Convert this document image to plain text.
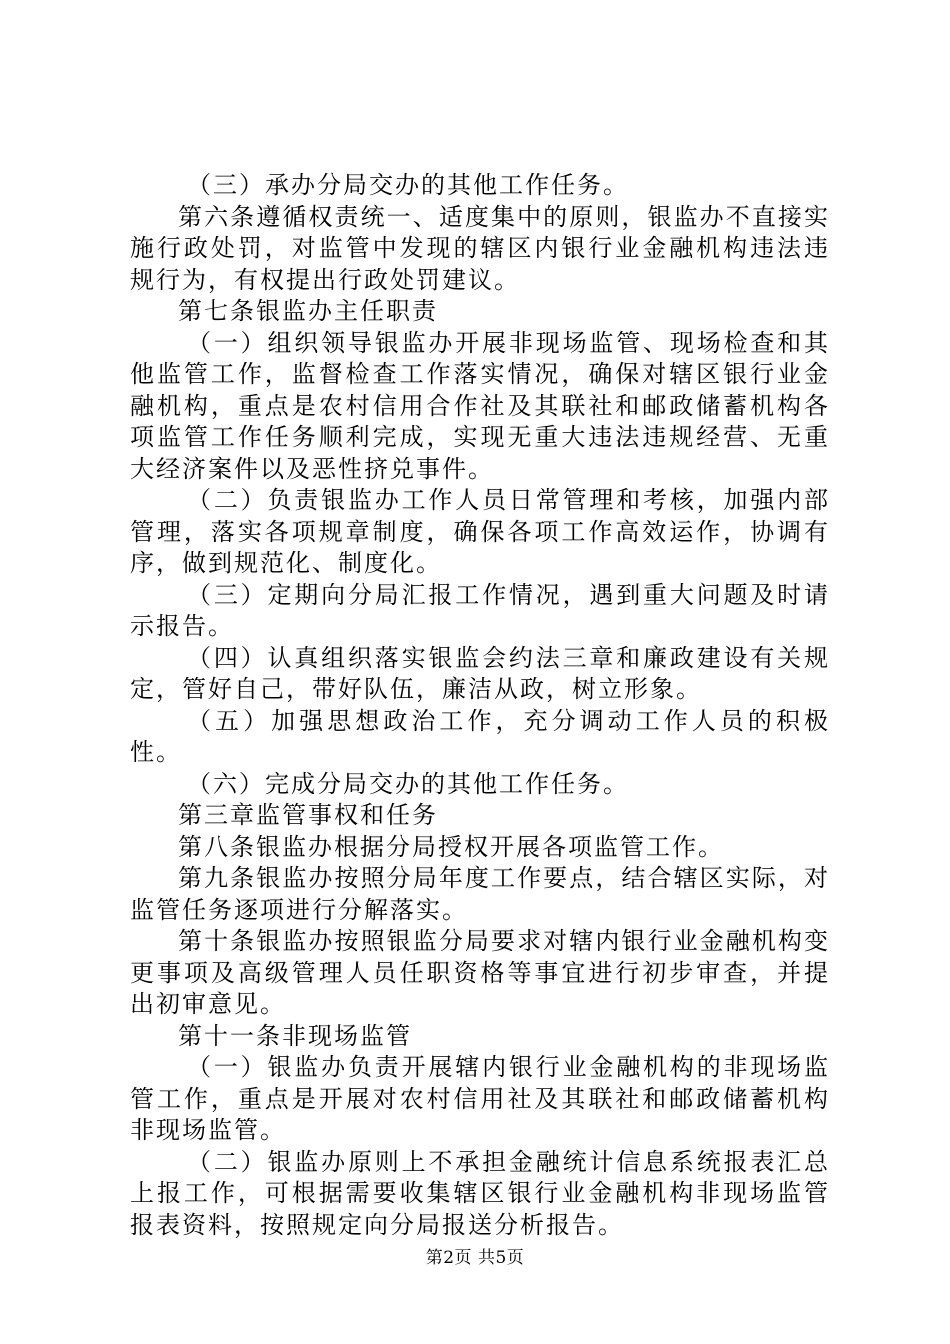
（三）承办分局交办的其他工作任务。

第六条遵循权责统一、适度集中的原则，银监办不直接实施行政处罚，对监管中发现的辖区内银行业金融机构违法违规行为，有权提出行政处罚建议。

第七条银监办主任职责

（一）组织领导银监办开展非现场监管、现场检查和其他监管工作，监督检查工作落实情况，确保对辖区银行业金融机构，重点是农村信用合作社及其联社和邮政储蓄机构各项监管工作任务顺利完成，实现无重大违法违规经营、无重大经济案件以及恶性挤兑事件。

（二）负责银监办工作人员日常管理和考核，加强内部管理，落实各项规章制度，确保各项工作高效运作，协调有序，做到规范化、制度化。

（三）定期向分局汇报工作情况，遇到重大问题及时请示报告。

（四）认真组织落实银监会约法三章和廉政建设有关规定，管好自己，带好队伍，廉洁从政，树立形象。

（五）加强思想政治工作，充分调动工作人员的积极性。

（六）完成分局交办的其他工作任务。

第三章监管事权和任务

第八条银监办根据分局授权开展各项监管工作。

第九条银监办按照分局年度工作要点，结合辖区实际，对监管任务逐项进行分解落实。

第十条银监办按照银监分局要求对辖内银行业金融机构变更事项及高级管理人员任职资格等事宜进行初步审查，并提出初审意见。

第十一条非现场监管

（一）银监办负责开展辖内银行业金融机构的非现场监管工作，重点是开展对农村信用社及其联社和邮政储蓄机构非现场监管。

（二）银监办原则上不承担金融统计信息系统报表汇总上报工作，可根据需要收集辖区银行业金融机构非现场监管报表资料，按照规定向分局报送分析报告。

第2页 共5页
